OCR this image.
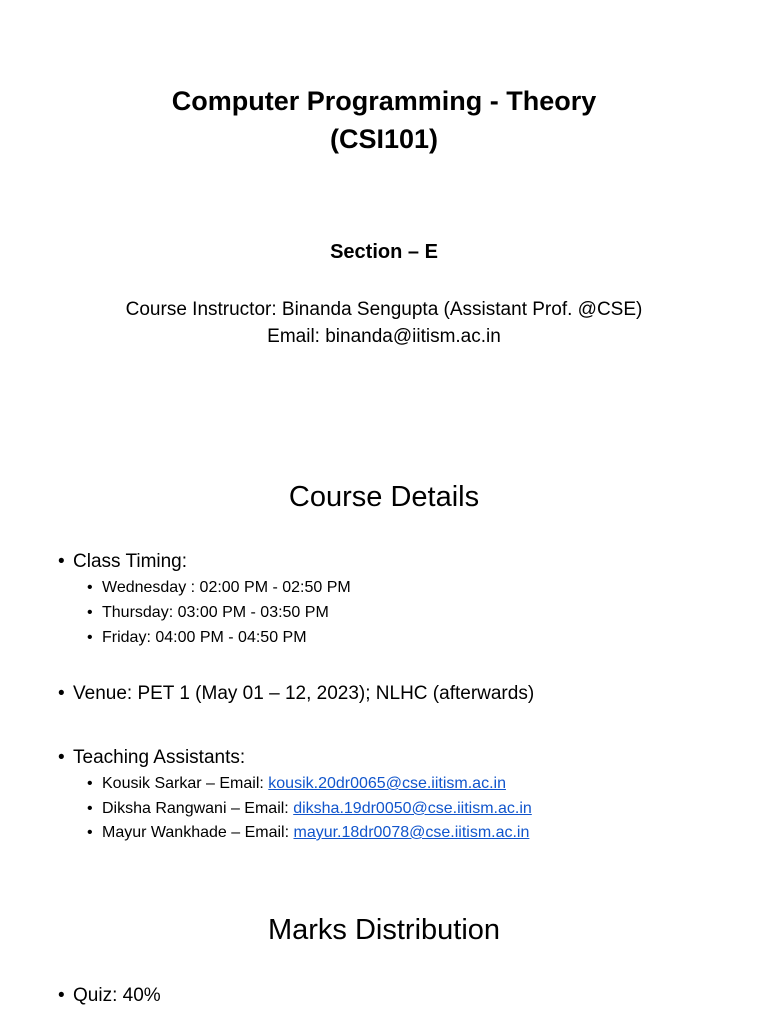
Computer Programming - Theory
(CSI101)
Section – E
Course Instructor: Binanda Sengupta (Assistant Prof. @CSE)
Email: binanda@iitism.ac.in
Course Details
• Class Timing:
• Wednesday : 02:00 PM - 02:50 PM
• Thursday: 03:00 PM - 03:50 PM
• Friday: 04:00 PM - 04:50 PM
• Venue: PET 1 (May 01 – 12, 2023); NLHC (afterwards)
• Teaching Assistants:
• Kousik Sarkar – Email: kousik.20dr0065@cse.iitism.ac.in
• Diksha Rangwani – Email: diksha.19dr0050@cse.iitism.ac.in
• Mayur Wankhade – Email: mayur.18dr0078@cse.iitism.ac.in
Marks Distribution
• Quiz: 40%
